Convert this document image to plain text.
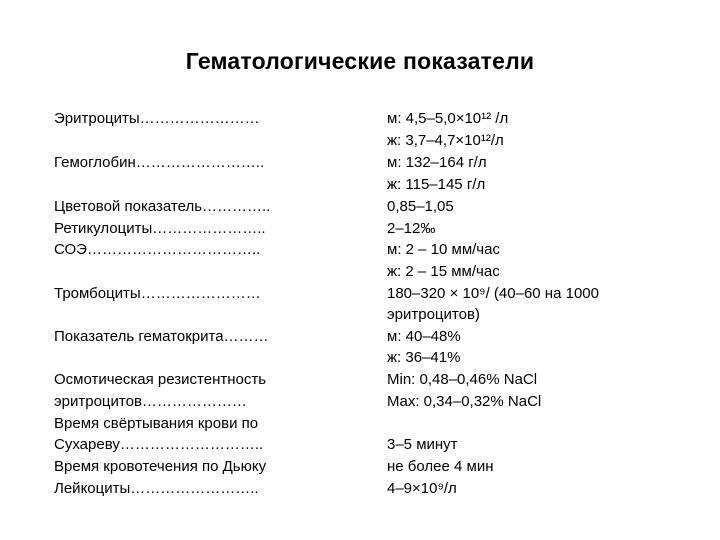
Гематологические показатели
Эритроциты……………………
Гемоглобин……………………..
Цветовой показатель…………..
Ретикулоциты…………………..
СОЭ……………………………..
Тромбоциты……………………
Показатель гематокрита………
Осмотическая резистентность
эритроцитов…………………
Время свёртывания крови по
Сухареву………………………..
Время кровотечения по Дьюку
Лейкоциты……………………..
м: 4,5–5,0×10¹² /л
ж: 3,7–4,7×10¹²/л
м: 132–164 г/л
ж: 115–145 г/л
0,85–1,05
2–12‰
м: 2 – 10 мм/час
ж: 2 – 15 мм/час
180–320 × 10⁹/ (40–60 на 1000
эритроцитов)
м: 40–48%
ж: 36–41%
Min: 0,48–0,46% NaCl
Max: 0,34–0,32% NaCl
3–5 минут
не более 4 мин
4–9×10⁹/л
